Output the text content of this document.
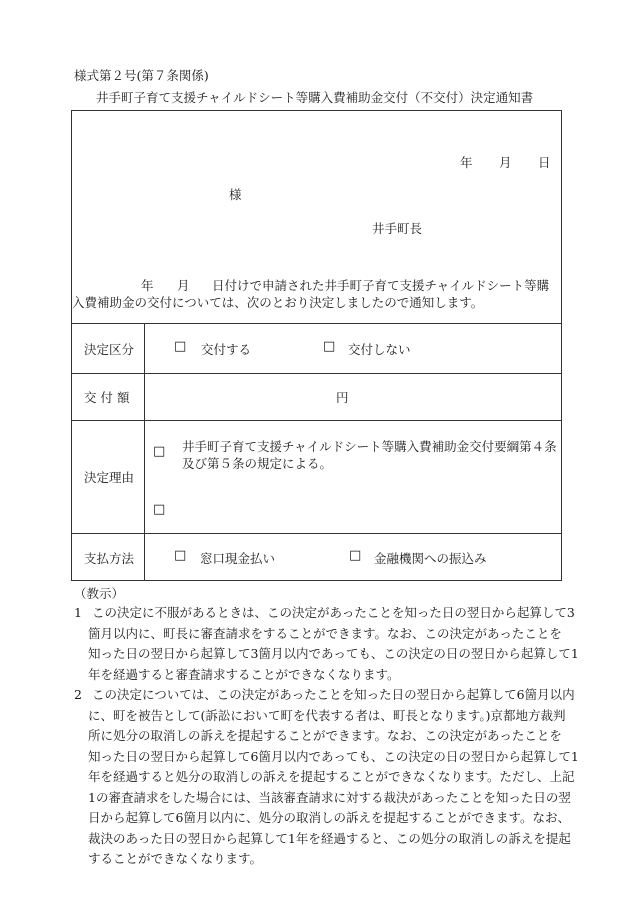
様式第２号(第７条関係)
井手町子育て支援チャイルドシート等購入費補助金交付（不交付）決定通知書
年 月 日
様
井手町長
年 月 日付けで申請された井手町子育て支援チャイルドシート等購
入費補助金の交付については、次のとおり決定しましたので通知します。
決定区分	□ 交付する	□ 交付しない
交 付 額	円
決定理由
□ 井手町子育て支援チャイルドシート等購入費補助金交付要綱第４条
及び第５条の規定による。
□
支払方法	□ 窓口現金払い	□ 金融機関への振込み
（教示）
1 この決定に不服があるときは、この決定があったことを知った日の翌日から起算して3
箇月以内に、町長に審査請求をすることができます。なお、この決定があったことを
知った日の翌日から起算して3箇月以内であっても、この決定の日の翌日から起算して1
年を経過すると審査請求することができなくなります。
2 この決定については、この決定があったことを知った日の翌日から起算して6箇月以内
に、町を被告として(訴訟において町を代表する者は、町長となります。)京都地方裁判
所に処分の取消しの訴えを提起することができます。なお、この決定があったことを
知った日の翌日から起算して6箇月以内であっても、この決定の日の翌日から起算して1
年を経過すると処分の取消しの訴えを提起することができなくなります。ただし、上記
1の審査請求をした場合には、当該審査請求に対する裁決があったことを知った日の翌
日から起算して6箇月以内に、処分の取消しの訴えを提起することができます。なお、
裁決のあった日の翌日から起算して1年を経過すると、この処分の取消しの訴えを提起
することができなくなります。
